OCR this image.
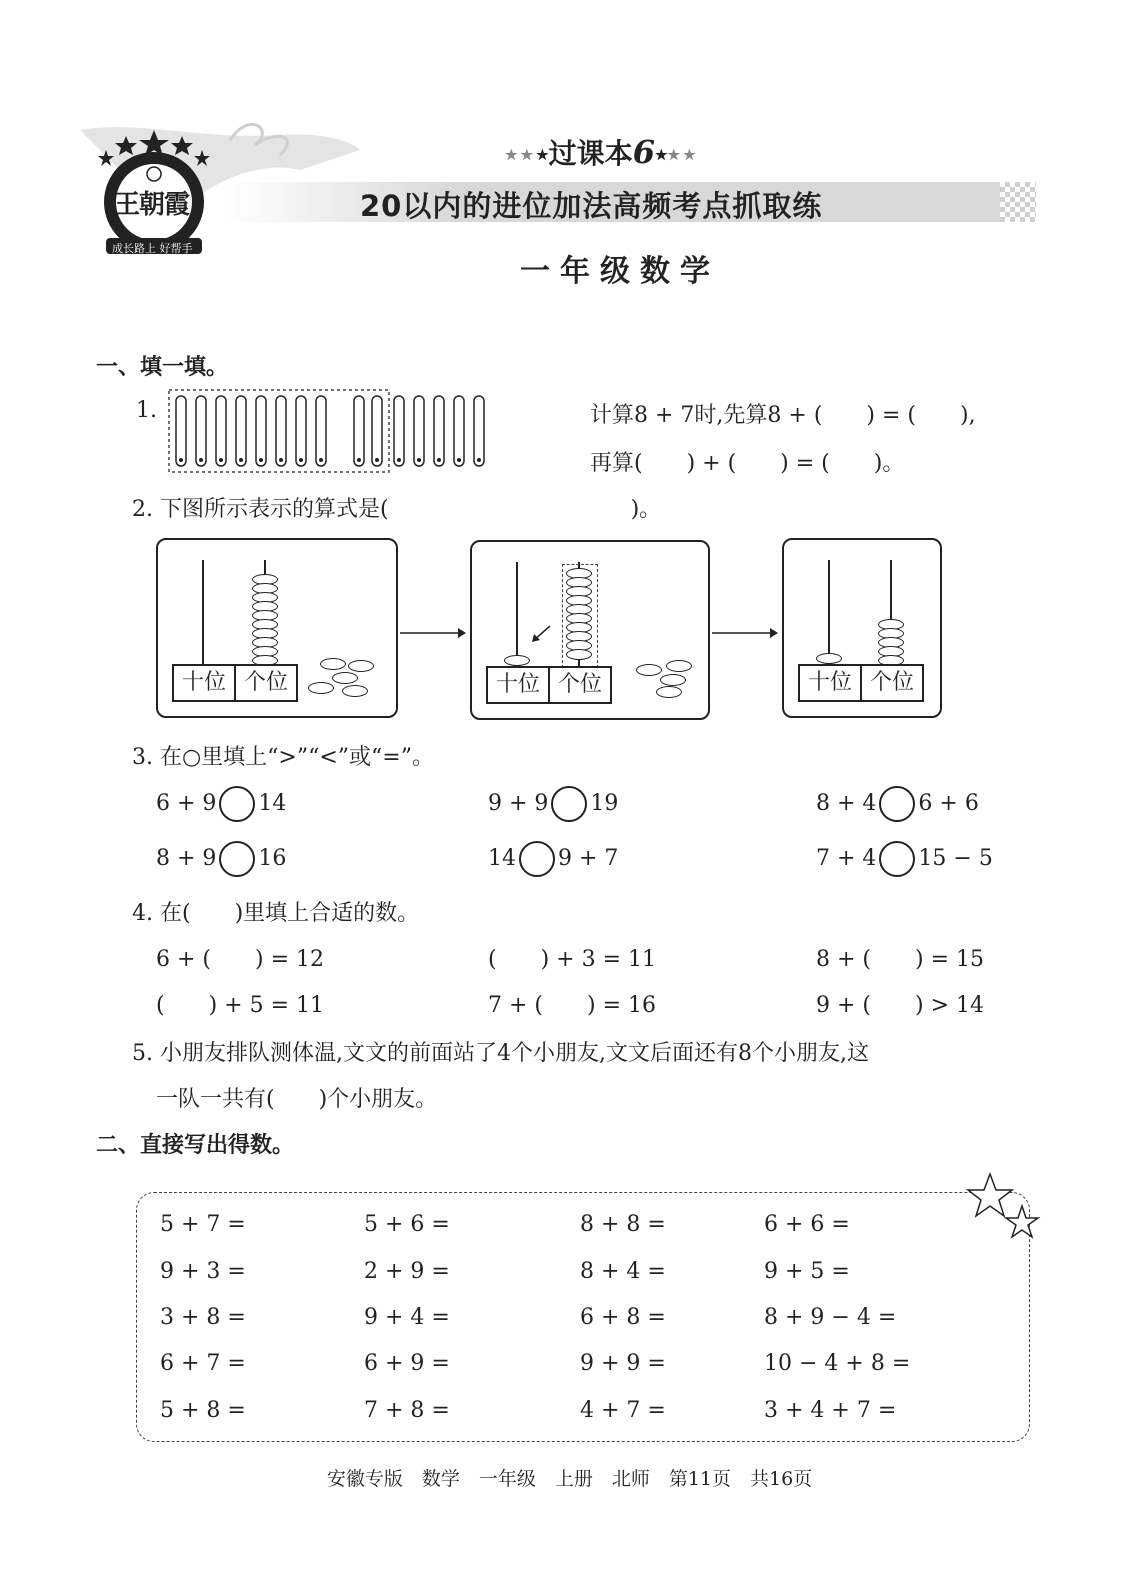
王朝霞
成长路上 好帮手
★★★过课本6★★★
20以内的进位加法高频考点抓取练
一年级数学
一、填一填。
1.	计算8 + 7时,先算8 + (　　) = (　　),
再算(　　) + (　　) = (　　)。
2. 下图所示表示的算式是(　　　　　　　　　　　)。
十位 个位	十位 个位	十位 个位
3. 在○里填上“>”“<”或“=”。
6 + 9 14	9 + 9 19	8 + 4 6 + 6
8 + 9 16	14 9 + 7	7 + 4 15 − 5
4. 在(　　)里填上合适的数。
6 + (　　) = 12	(　　) + 3 = 11	8 + (　　) = 15
(　　) + 5 = 11	7 + (　　) = 16	9 + (　　) > 14
5. 小朋友排队测体温,文文的前面站了4个小朋友,文文后面还有8个小朋友,这
一队一共有(　　)个小朋友。
二、直接写出得数。
5 + 7 =	5 + 6 =	8 + 8 =	6 + 6 =
9 + 3 =	2 + 9 =	8 + 4 =	9 + 5 =
3 + 8 =	9 + 4 =	6 + 8 =	8 + 9 − 4 =
6 + 7 =	6 + 9 =	9 + 9 =	10 − 4 + 8 =
5 + 8 =	7 + 8 =	4 + 7 =	3 + 4 + 7 =
安徽专版　数学　一年级　上册　北师　第11页　共16页
